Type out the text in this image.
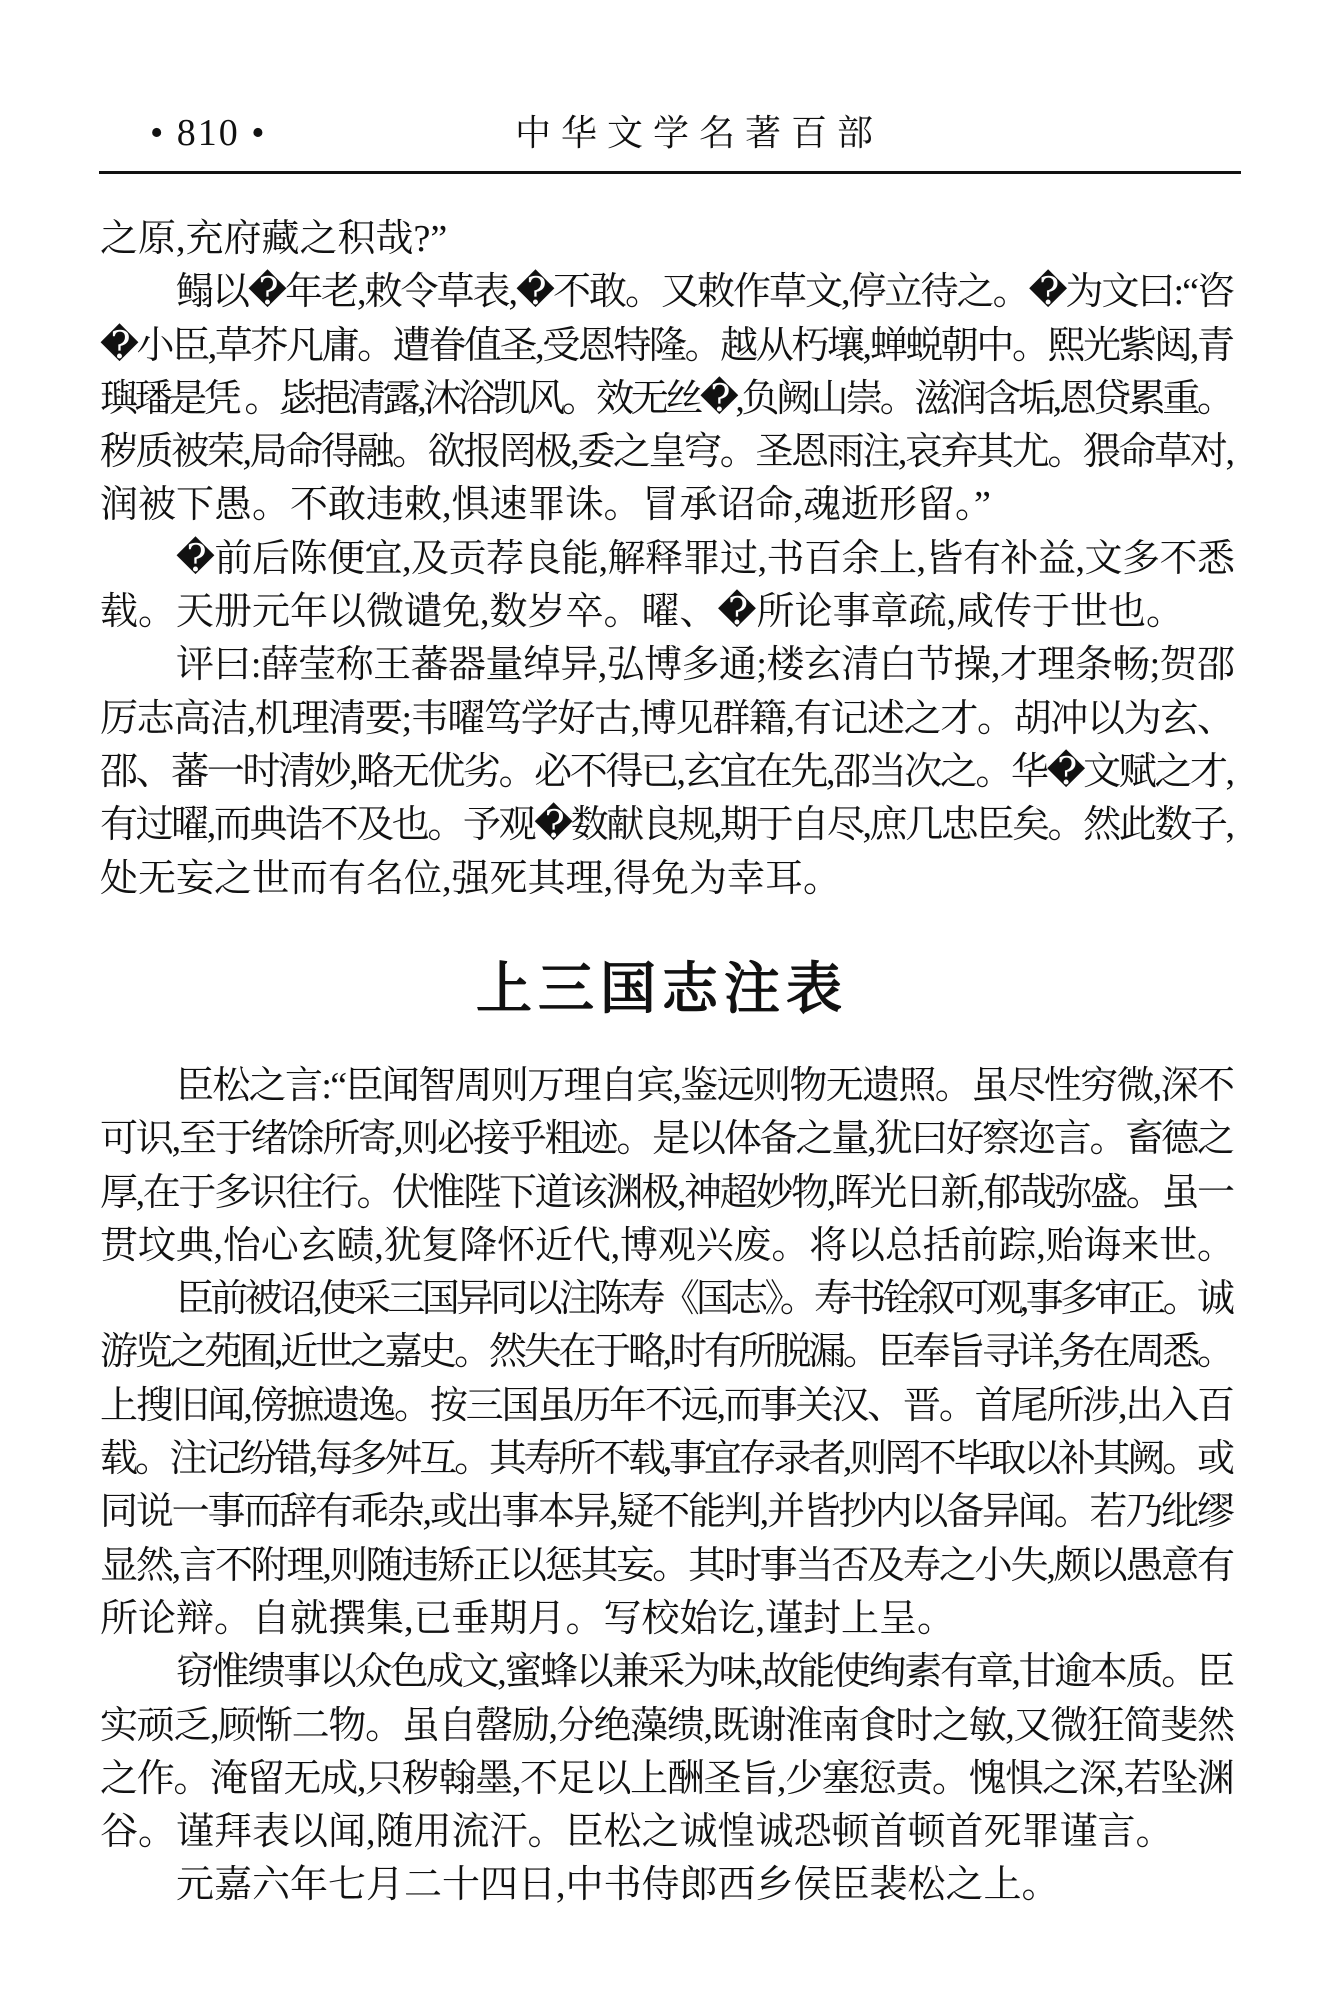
• 810 •	中华文学名著百部
之原,充府藏之积哉?”
鳎以�年老,敕令草表,�不敢。又敕作草文,停立待之。�为文曰:“咨
�小臣,草芥凡庸。遭眷值圣,受恩特隆。越从朽壤,蝉蜕朝中。熙光紫闼,青
璵璠是凭 。毖挹清露,沐浴凯风。效无丝�,负阙山崇。滋润含垢,恩贷累重。
秽质被荣,局命得融。欲报罔极,委之皇穹。圣恩雨注,哀弃其尤。猥命草对,
润被下愚。不敢违敕,惧速罪诛。冒承诏命,魂逝形留。”
�前后陈便宜,及贡荐良能,解释罪过,书百余上,皆有补益,文多不悉
载。天册元年以微谴免,数岁卒。曜、�所论事章疏,咸传于世也。
评曰:薛莹称王蕃器量绰异,弘博多通;楼玄清白节操,才理条畅;贺邵
厉志高洁,机理清要;韦曜笃学好古,博见群籍,有记述之才。胡冲以为玄、
邵、蕃一时清妙,略无优劣。必不得已,玄宜在先,邵当次之。华�文赋之才,
有过曜,而典诰不及也。予观�数献良规,期于自尽,庶几忠臣矣。然此数子,
处无妄之世而有名位,强死其理,得免为幸耳。
上三国志注表
臣松之言:“臣闻智周则万理自宾,鉴远则物无遗照。虽尽性穷微,深不
可识,至于绪馀所寄,则必接乎粗迹。是以体备之量,犹曰好察迩言。畜德之
厚,在于多识往行。伏惟陛下道该渊极,神超妙物,晖光日新,郁哉弥盛。虽一
贯坟典,怡心玄赜,犹复降怀近代,博观兴废。将以总括前踪,贻诲来世。
臣前被诏,使采三国异同以注陈寿《国志》。寿书铨叙可观,事多审正。诚
游览之苑囿,近世之嘉史。然失在于略,时有所脱漏。臣奉旨寻详,务在周悉。
上搜旧闻,傍摭遗逸。按三国虽历年不远,而事关汉、晋。首尾所涉,出入百
载。注记纷错,每多舛互。其寿所不载,事宜存录者,则罔不毕取以补其阙。或
同说一事而辞有乖杂,或出事本异,疑不能判,并皆抄内以备异闻。若乃纰缪
显然,言不附理,则随违矫正以惩其妄。其时事当否及寿之小失,颇以愚意有
所论辩。自就撰集,已垂期月。写校始讫,谨封上呈。
窃惟缋事以众色成文,蜜蜂以兼采为味,故能使绚素有章,甘逾本质。臣
实顽乏,顾惭二物。虽自罄励,分绝藻缋,既谢淮南食时之敏,又微狂简斐然
之作。淹留无成,只秽翰墨,不足以上酬圣旨,少塞愆责。愧惧之深,若坠渊
谷。谨拜表以闻,随用流汗。臣松之诚惶诚恐顿首顿首死罪谨言。
元嘉六年七月二十四日,中书侍郎西乡侯臣裴松之上。
